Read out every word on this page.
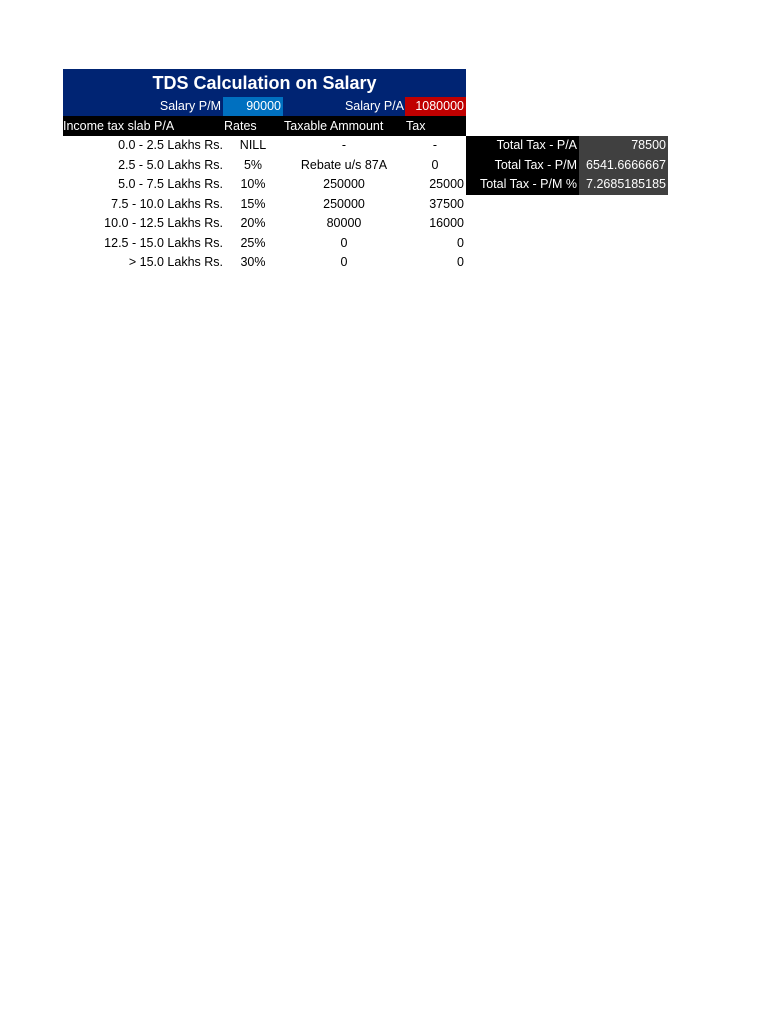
TDS Calculation on Salary
Salary P/M	90000	Salary P/A 1080000
Income tax slab P/A	Rates	Taxable Ammount	Tax
0.0 - 2.5 Lakhs Rs.	NILL	-	-
2.5 - 5.0 Lakhs Rs.	5%	Rebate u/s 87A	0
5.0 - 7.5 Lakhs Rs.	10%	250000	25000
7.5 - 10.0 Lakhs Rs.	15%	250000	37500
10.0 - 12.5 Lakhs Rs.	20%	80000	16000
12.5 - 15.0 Lakhs Rs.	25%	0	0
> 15.0 Lakhs Rs.	30%	0	0
Total Tax - P/A	78500
Total Tax - P/M 6541.6666667
Total Tax - P/M % 7.2685185185
